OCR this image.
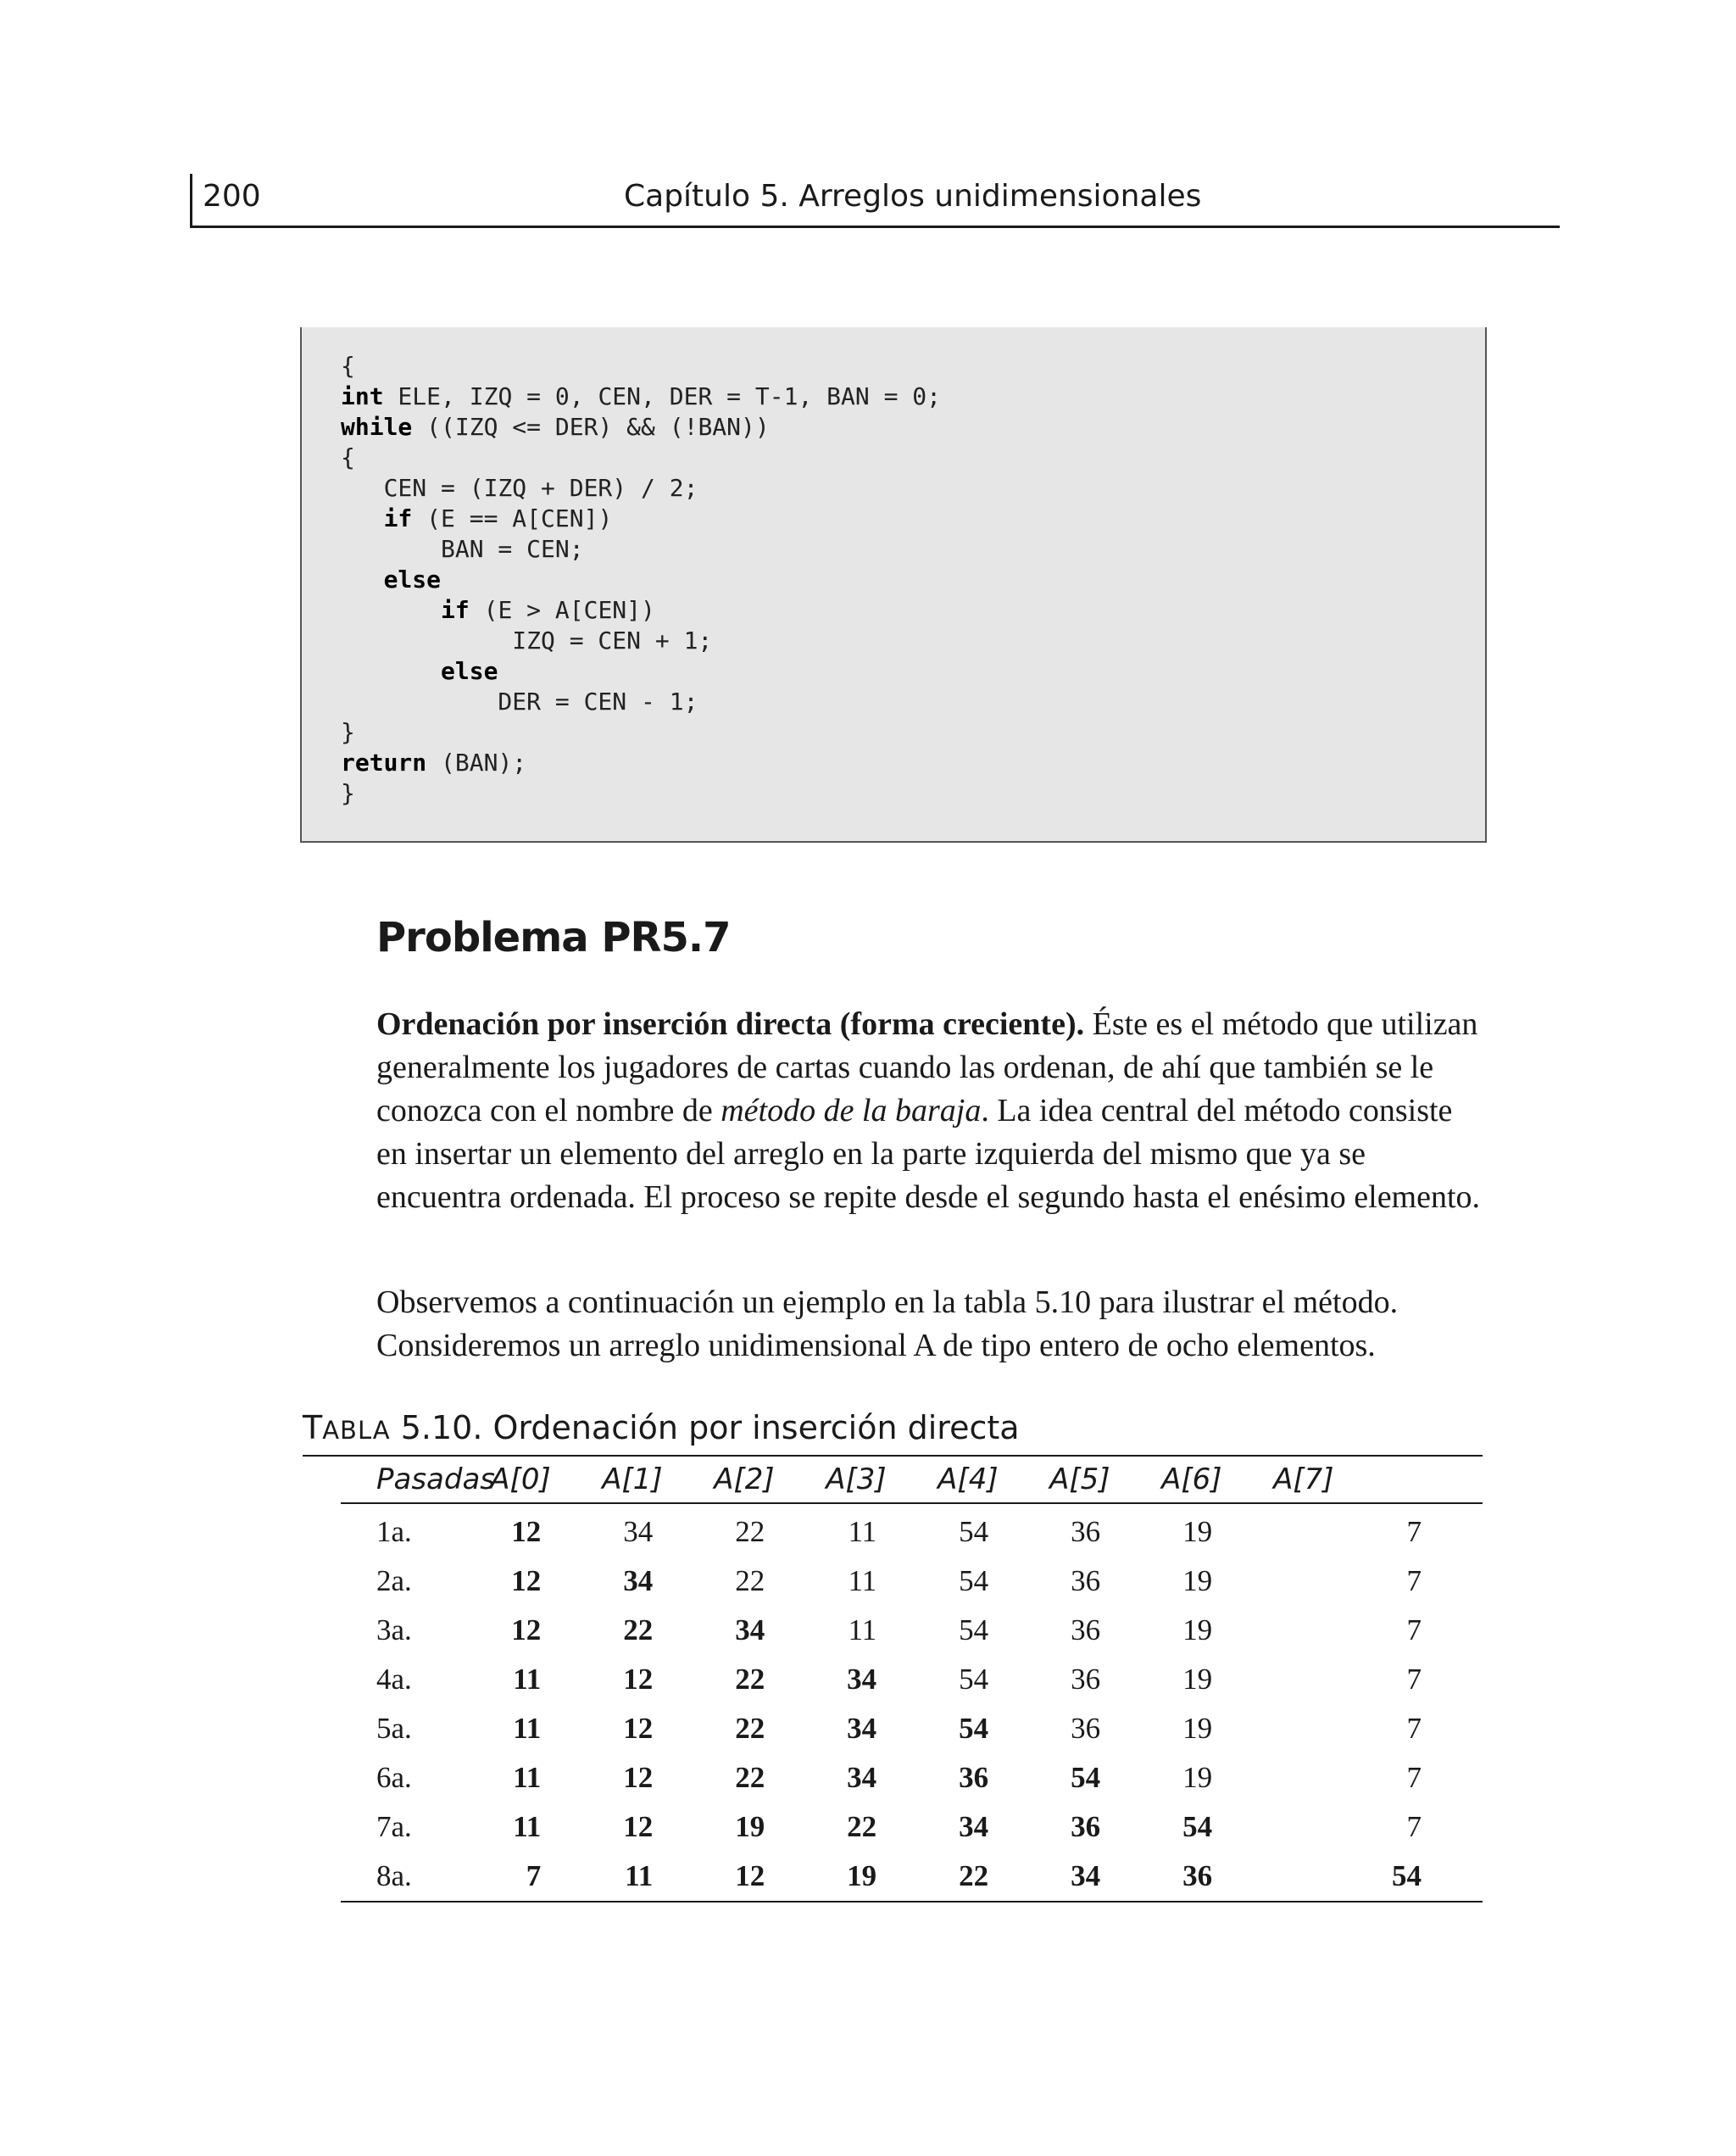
200	Capítulo 5. Arreglos unidimensionales
{
int ELE, IZQ = 0, CEN, DER = T-1, BAN = 0;
while ((IZQ <= DER) && (!BAN))
{
CEN = (IZQ + DER) / 2;
if (E == A[CEN])
BAN = CEN;
else
if (E > A[CEN])
IZQ = CEN + 1;
else
DER = CEN - 1;
}
return (BAN);
}
Problema PR5.7

Ordenación por inserción directa (forma creciente). Éste es el método que utilizan generalmente los jugadores de cartas cuando las ordenan, de ahí que también se le conozca con el nombre de método de la baraja. La idea central del método consiste en insertar un elemento del arreglo en la parte izquierda del mismo que ya se encuentra ordenada. El proceso se repite desde el segundo hasta el enésimo elemento.

Observemos a continuación un ejemplo en la tabla 5.10 para ilustrar el método. Consideremos un arreglo unidimensional A de tipo entero de ocho elementos.

TABLA 5.10. Ordenación por inserción directa

Pasadas	A[0]	A[1]	A[2]	A[3]	A[4]	A[5]	A[6]	A[7]
1a.	12	34	22	11	54	36	19	7
2a.	12	34	22	11	54	36	19	7
3a.	12	22	34	11	54	36	19	7
4a.	11	12	22	34	54	36	19	7
5a.	11	12	22	34	54	36	19	7
6a.	11	12	22	34	36	54	19	7
7a.	11	12	19	22	34	36	54	7
8a.	7	11	12	19	22	34	36	54
